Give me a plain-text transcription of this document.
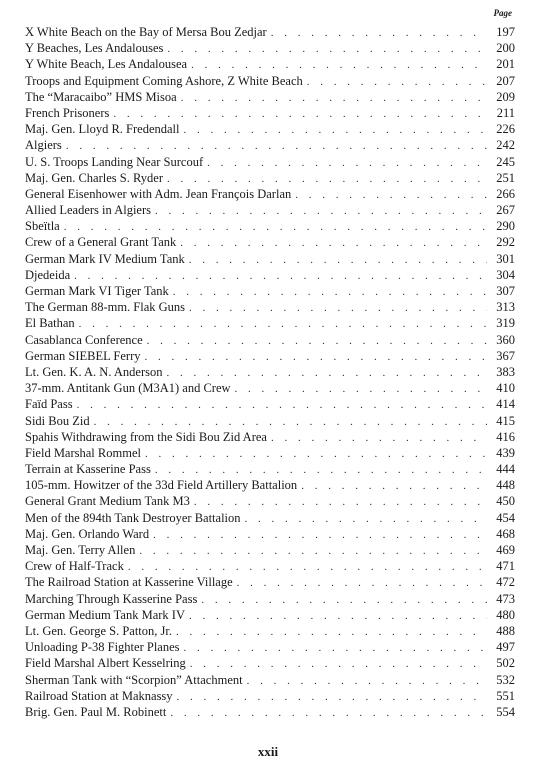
Page
X White Beach on the Bay of Mersa Bou Zedjar . . .	197
Y Beaches, Les Andalouses . . .	200
Y White Beach, Les Andalousea . . .	201
Troops and Equipment Coming Ashore, Z White Beach . . .	207
The “Maracaibo” HMS Misoa . . .	209
French Prisoners . . .	211
Maj. Gen. Lloyd R. Fredendall . . .	226
Algiers . . .	242
U. S. Troops Landing Near Surcouf . . .	245
Maj. Gen. Charles S. Ryder . . .	251
General Eisenhower with Adm. Jean François Darlan . . .	266
Allied Leaders in Algiers . . .	267
Sbeïtla . . .	290
Crew of a General Grant Tank . . .	292
German Mark IV Medium Tank . . .	301
Djedeida . . .	304
German Mark VI Tiger Tank . . .	307
The German 88-mm. Flak Guns . . .	313
El Bathan . . .	319
Casablanca Conference . . .	360
German SIEBEL Ferry . . .	367
Lt. Gen. K. A. N. Anderson . . .	383
37-mm. Antitank Gun (M3A1) and Crew . . .	410
Faïd Pass . . .	414
Sidi Bou Zid . . .	415
Spahis Withdrawing from the Sidi Bou Zid Area . . .	416
Field Marshal Rommel . . .	439
Terrain at Kasserine Pass . . .	444
105-mm. Howitzer of the 33d Field Artillery Battalion . . .	448
General Grant Medium Tank M3 . . .	450
Men of the 894th Tank Destroyer Battalion . . .	454
Maj. Gen. Orlando Ward . . .	468
Maj. Gen. Terry Allen . . .	469
Crew of Half-Track . . .	471
The Railroad Station at Kasserine Village . . .	472
Marching Through Kasserine Pass . . .	473
German Medium Tank Mark IV . . .	480
Lt. Gen. George S. Patton, Jr. . . .	488
Unloading P-38 Fighter Planes . . .	497
Field Marshal Albert Kesselring . . .	502
Sherman Tank with “Scorpion” Attachment . . .	532
Railroad Station at Maknassy . . .	551
Brig. Gen. Paul M. Robinett . . .	554
xxii
